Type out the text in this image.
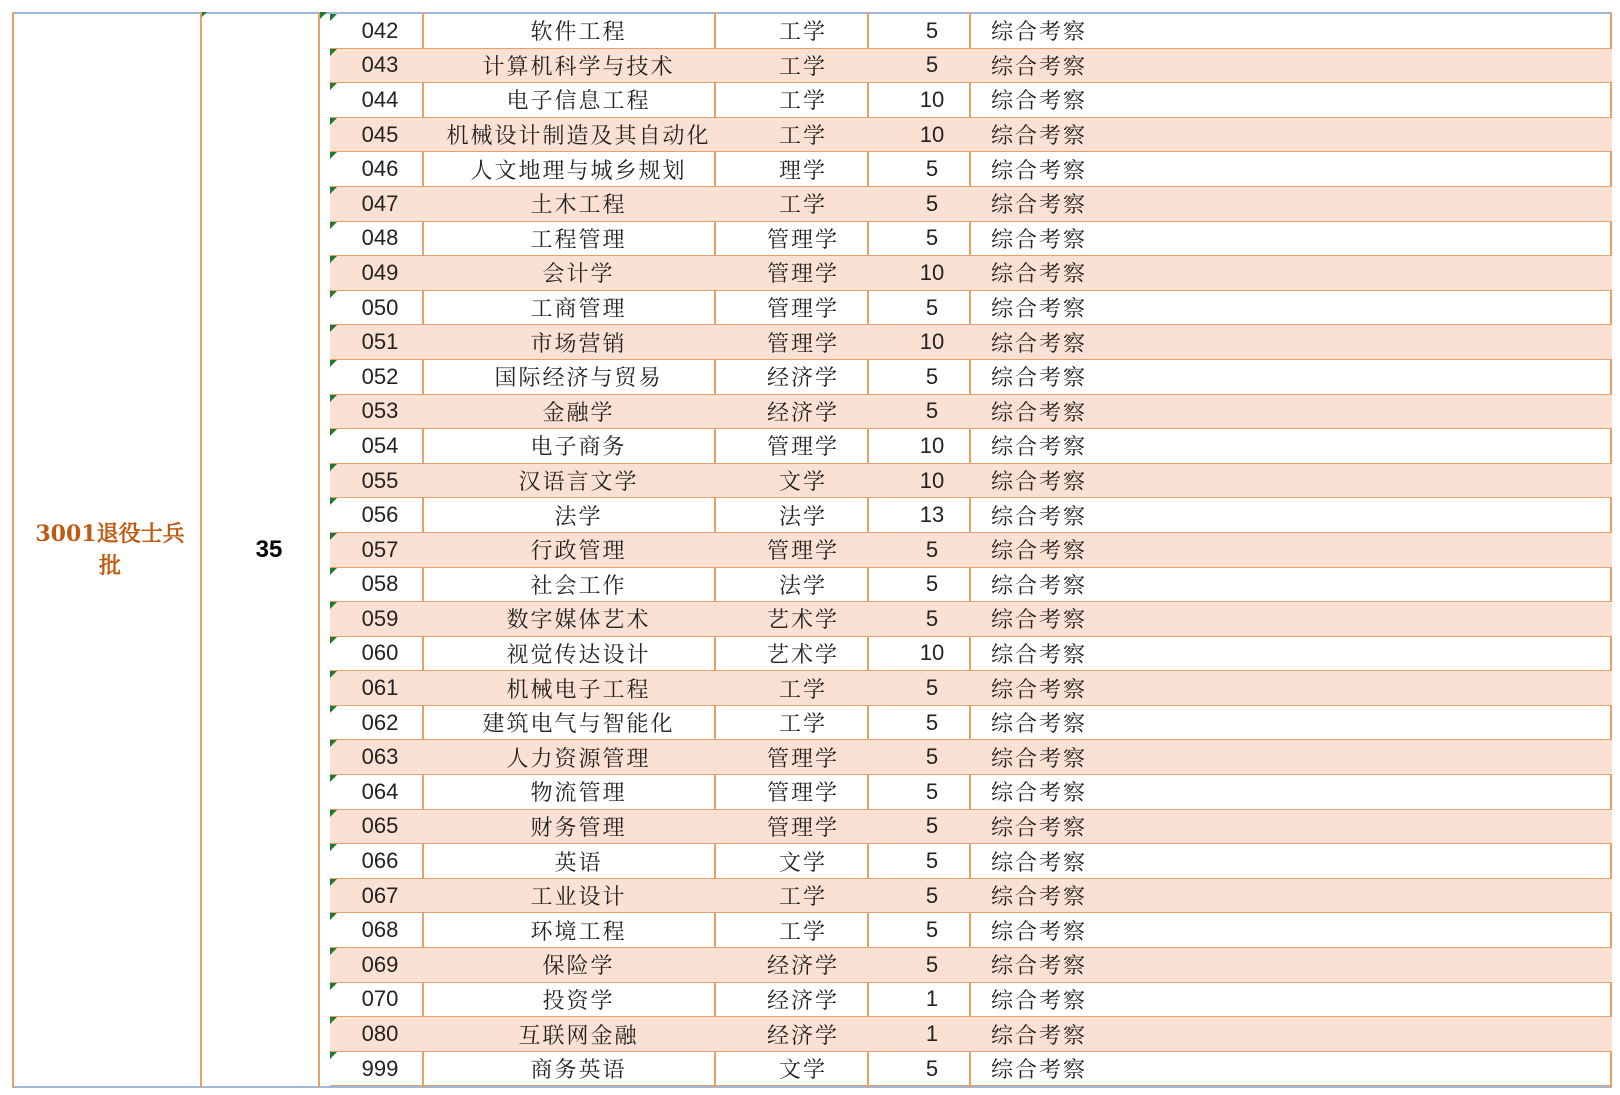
3001退役士兵批
35
042	软件工程	工学	5	综合考察
043	计算机科学与技术	工学	5	综合考察
044	电子信息工程	工学	10	综合考察
045	机械设计制造及其自动化	工学	10	综合考察
046	人文地理与城乡规划	理学	5	综合考察
047	土木工程	工学	5	综合考察
048	工程管理	管理学	5	综合考察
049	会计学	管理学	10	综合考察
050	工商管理	管理学	5	综合考察
051	市场营销	管理学	10	综合考察
052	国际经济与贸易	经济学	5	综合考察
053	金融学	经济学	5	综合考察
054	电子商务	管理学	10	综合考察
055	汉语言文学	文学	10	综合考察
056	法学	法学	13	综合考察
057	行政管理	管理学	5	综合考察
058	社会工作	法学	5	综合考察
059	数字媒体艺术	艺术学	5	综合考察
060	视觉传达设计	艺术学	10	综合考察
061	机械电子工程	工学	5	综合考察
062	建筑电气与智能化	工学	5	综合考察
063	人力资源管理	管理学	5	综合考察
064	物流管理	管理学	5	综合考察
065	财务管理	管理学	5	综合考察
066	英语	文学	5	综合考察
067	工业设计	工学	5	综合考察
068	环境工程	工学	5	综合考察
069	保险学	经济学	5	综合考察
070	投资学	经济学	1	综合考察
080	互联网金融	经济学	1	综合考察
999	商务英语	文学	5	综合考察
